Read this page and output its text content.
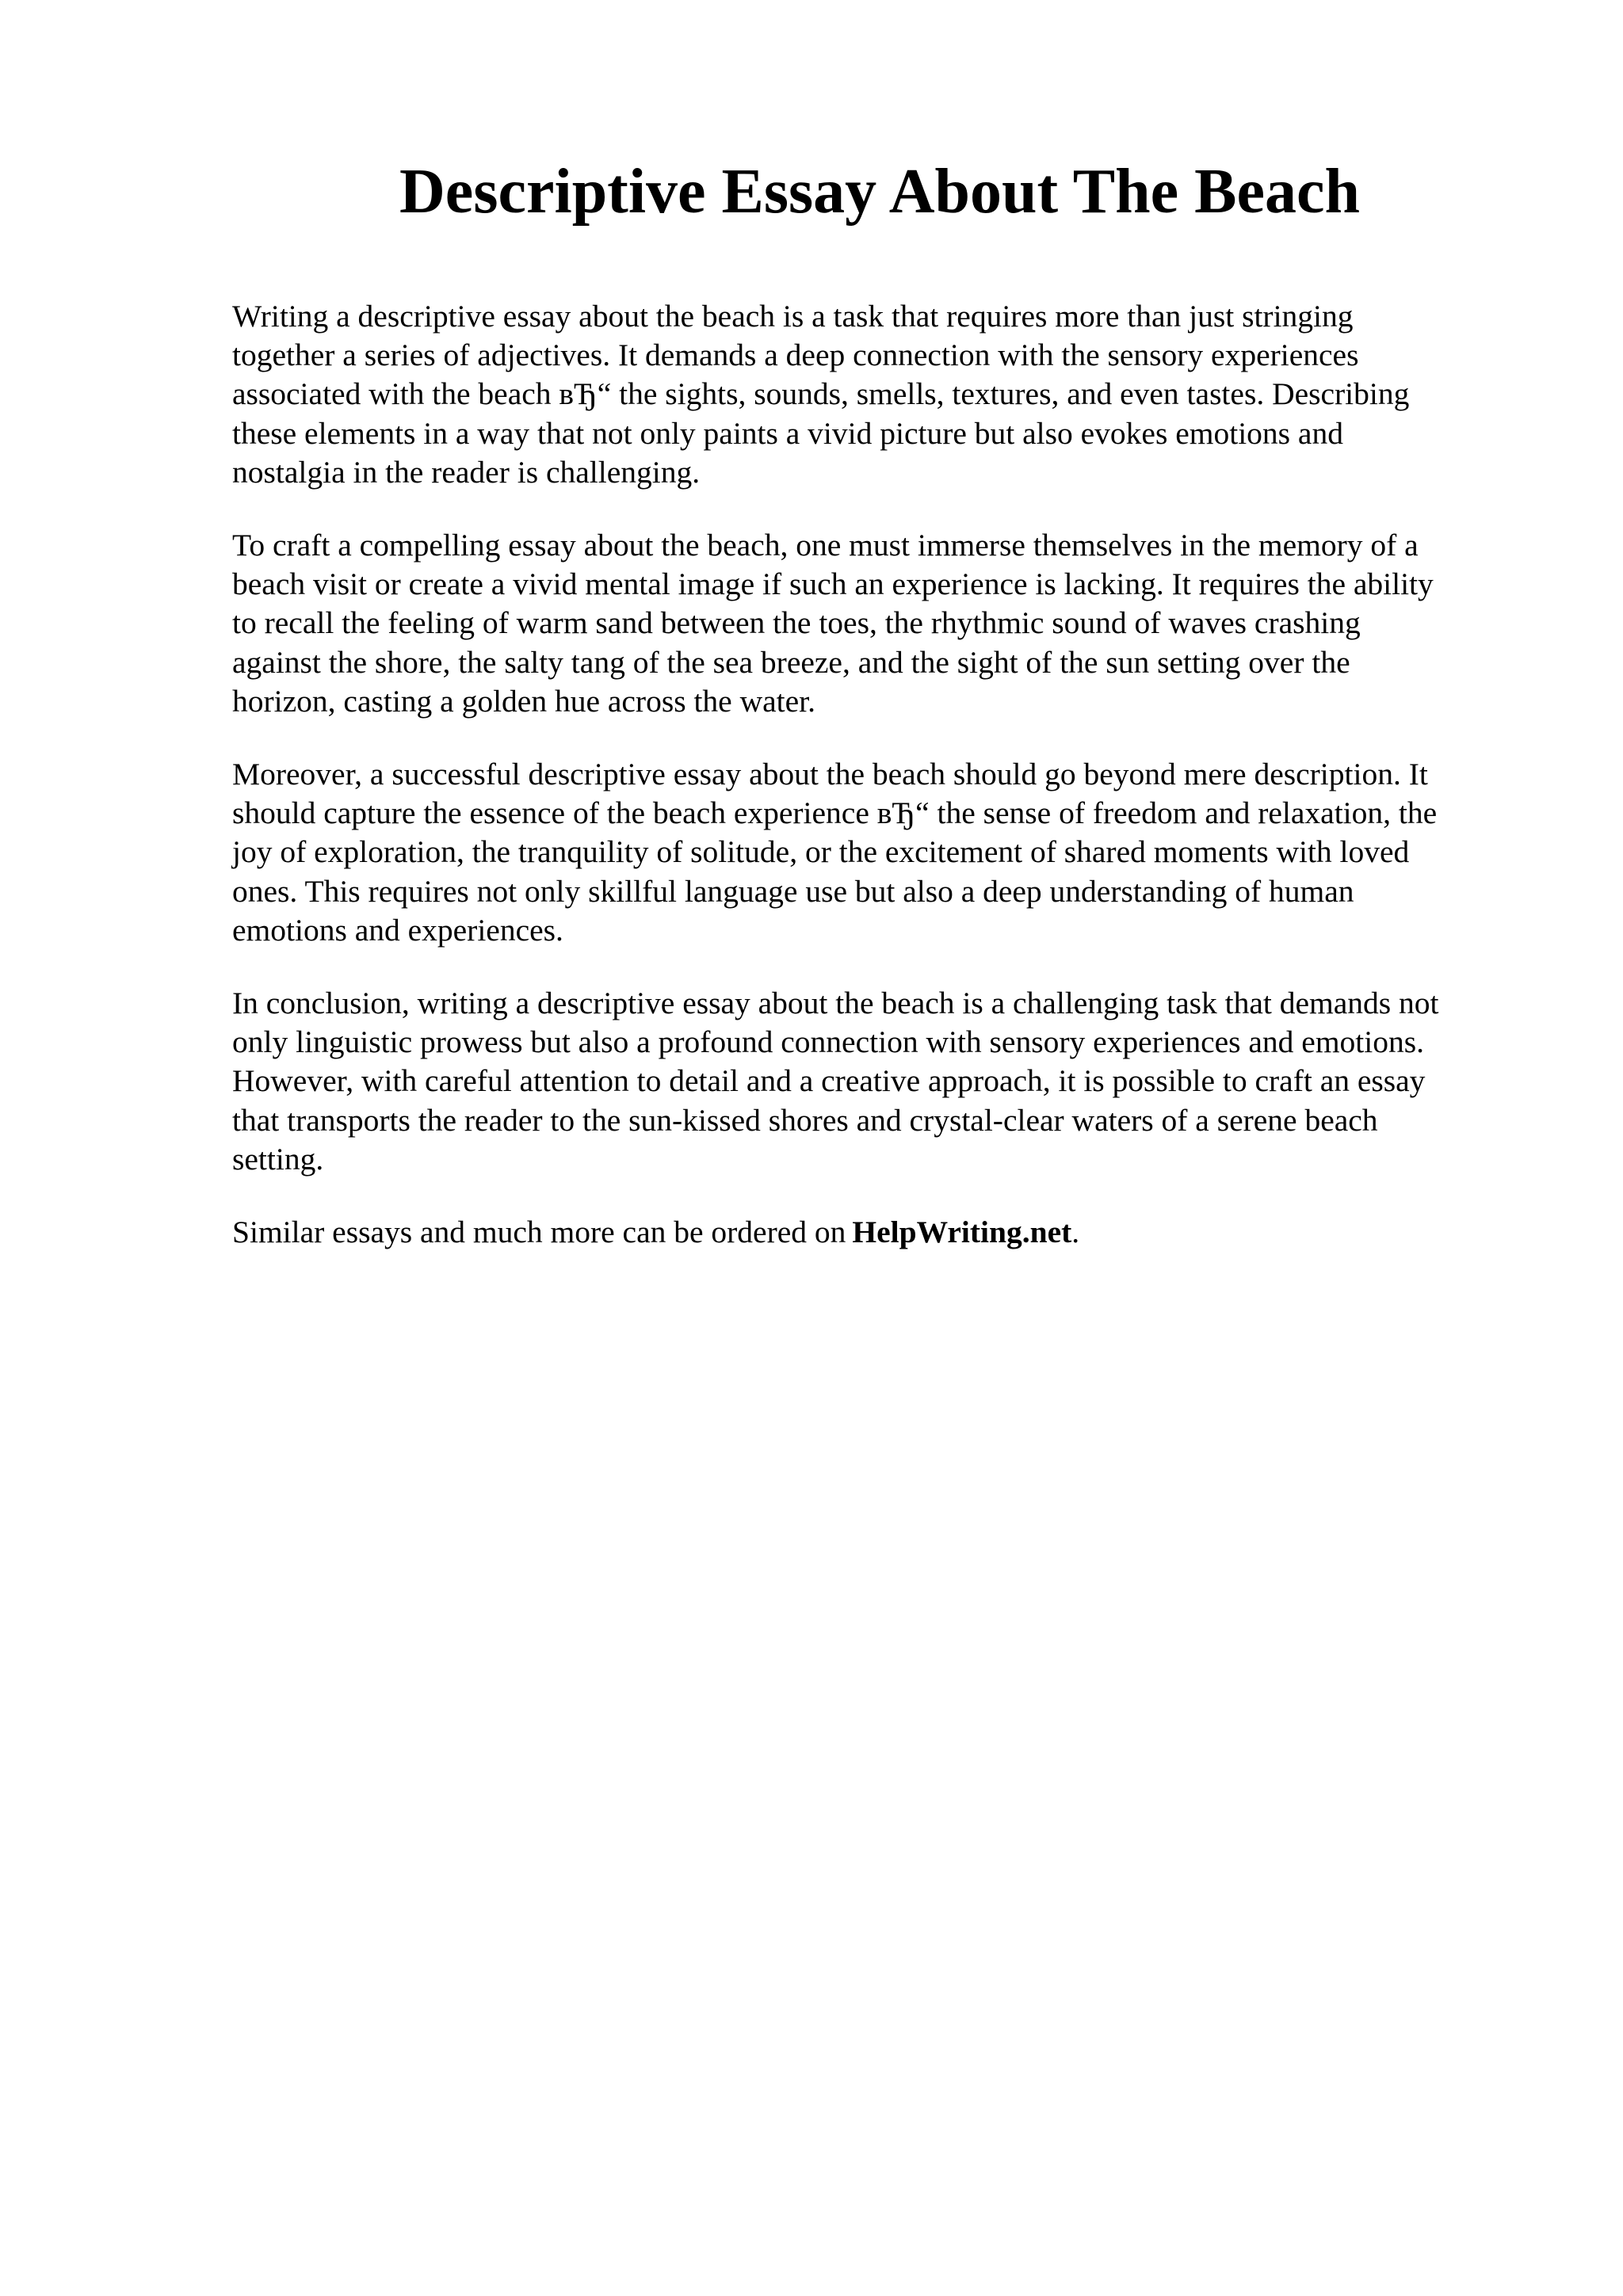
Descriptive Essay About The Beach

Writing a descriptive essay about the beach is a task that requires more than just stringing
together a series of adjectives. It demands a deep connection with the sensory experiences
associated with the beach вЂ“ the sights, sounds, smells, textures, and even tastes. Describing
these elements in a way that not only paints a vivid picture but also evokes emotions and
nostalgia in the reader is challenging.

To craft a compelling essay about the beach, one must immerse themselves in the memory of a
beach visit or create a vivid mental image if such an experience is lacking. It requires the ability
to recall the feeling of warm sand between the toes, the rhythmic sound of waves crashing
against the shore, the salty tang of the sea breeze, and the sight of the sun setting over the
horizon, casting a golden hue across the water.

Moreover, a successful descriptive essay about the beach should go beyond mere description. It
should capture the essence of the beach experience вЂ“ the sense of freedom and relaxation, the
joy of exploration, the tranquility of solitude, or the excitement of shared moments with loved
ones. This requires not only skillful language use but also a deep understanding of human
emotions and experiences.

In conclusion, writing a descriptive essay about the beach is a challenging task that demands not
only linguistic prowess but also a profound connection with sensory experiences and emotions.
However, with careful attention to detail and a creative approach, it is possible to craft an essay
that transports the reader to the sun-kissed shores and crystal-clear waters of a serene beach
setting.

Similar essays and much more can be ordered on HelpWriting.net.
